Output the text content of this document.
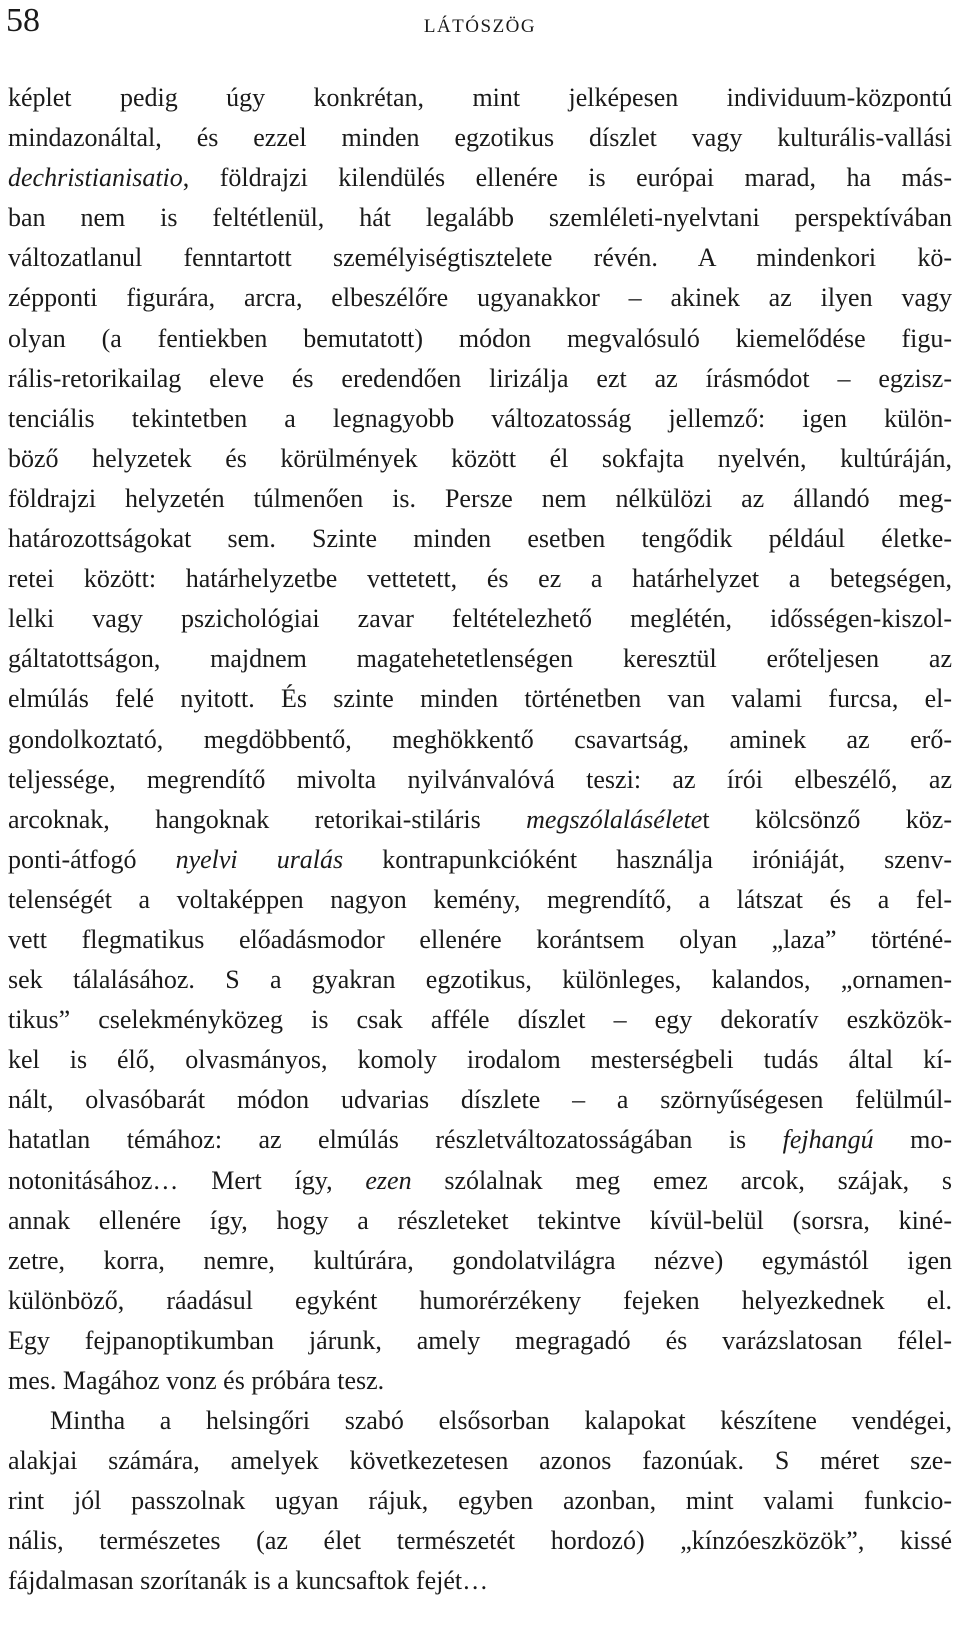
58	LÁTÓSZÖG
képlet pedig úgy konkrétan, mint jelképesen individuum-központú
mindazonáltal, és ezzel minden egzotikus díszlet vagy kulturális-vallási
dechristianisatio, földrajzi kilendülés ellenére is európai marad, ha más-
ban nem is feltétlenül, hát legalább szemléleti-nyelvtani perspektívában
változatlanul fenntartott személyiségtisztelete révén. A mindenkori kö-
zépponti figurára, arcra, elbeszélőre ugyanakkor – akinek az ilyen vagy
olyan (a fentiekben bemutatott) módon megvalósuló kiemelődése figu-
rális-retorikailag eleve és eredendően lirizálja ezt az írásmódot – egzisz-
tenciális tekintetben a legnagyobb változatosság jellemző: igen külön-
böző helyzetek és körülmények között él sokfajta nyelvén, kultúráján,
földrajzi helyzetén túlmenően is. Persze nem nélkülözi az állandó meg-
határozottságokat sem. Szinte minden esetben tengődik például életke-
retei között: határhelyzetbe vettetett, és ez a határhelyzet a betegségen,
lelki vagy pszichológiai zavar feltételezhető meglétén, idősségen-kiszol-
gáltatottságon, majdnem magatehetetlenségen keresztül erőteljesen az
elmúlás felé nyitott. És szinte minden történetben van valami furcsa, el-
gondolkoztató, megdöbbentő, meghökkentő csavartság, aminek az erő-
teljessége, megrendítő mivolta nyilvánvalóvá teszi: az írói elbeszélő, az
arcoknak, hangoknak retorikai-stiláris megszólaláséletet kölcsönző köz-
ponti-átfogó nyelvi uralás kontrapunkcióként használja iróniáját, szenv-
telenségét a voltaképpen nagyon kemény, megrendítő, a látszat és a fel-
vett flegmatikus előadásmodor ellenére korántsem olyan „laza” történé-
sek tálalásához. S a gyakran egzotikus, különleges, kalandos, „ornamen-
tikus” cselekményközeg is csak afféle díszlet – egy dekoratív eszközök-
kel is élő, olvasmányos, komoly irodalom mesterségbeli tudás által kí-
nált, olvasóbarát módon udvarias díszlete – a szörnyűségesen felülmúl-
hatatlan témához: az elmúlás részletváltozatosságában is fejhangú mo-
notonitásához… Mert így, ezen szólalnak meg emez arcok, szájak, s
annak ellenére így, hogy a részleteket tekintve kívül-belül (sorsra, kiné-
zetre, korra, nemre, kultúrára, gondolatvilágra nézve) egymástól igen
különböző, ráadásul egyként humorérzékeny fejeken helyezkednek el.
Egy fejpanoptikumban járunk, amely megragadó és varázslatosan félel-
mes. Magához vonz és próbára tesz.
Mintha a helsingőri szabó elsősorban kalapokat készítene vendégei,
alakjai számára, amelyek következetesen azonos fazonúak. S méret sze-
rint jól passzolnak ugyan rájuk, egyben azonban, mint valami funkcio-
nális, természetes (az élet természetét hordozó) „kínzóeszközök”, kissé
fájdalmasan szorítanák is a kuncsaftok fejét…
